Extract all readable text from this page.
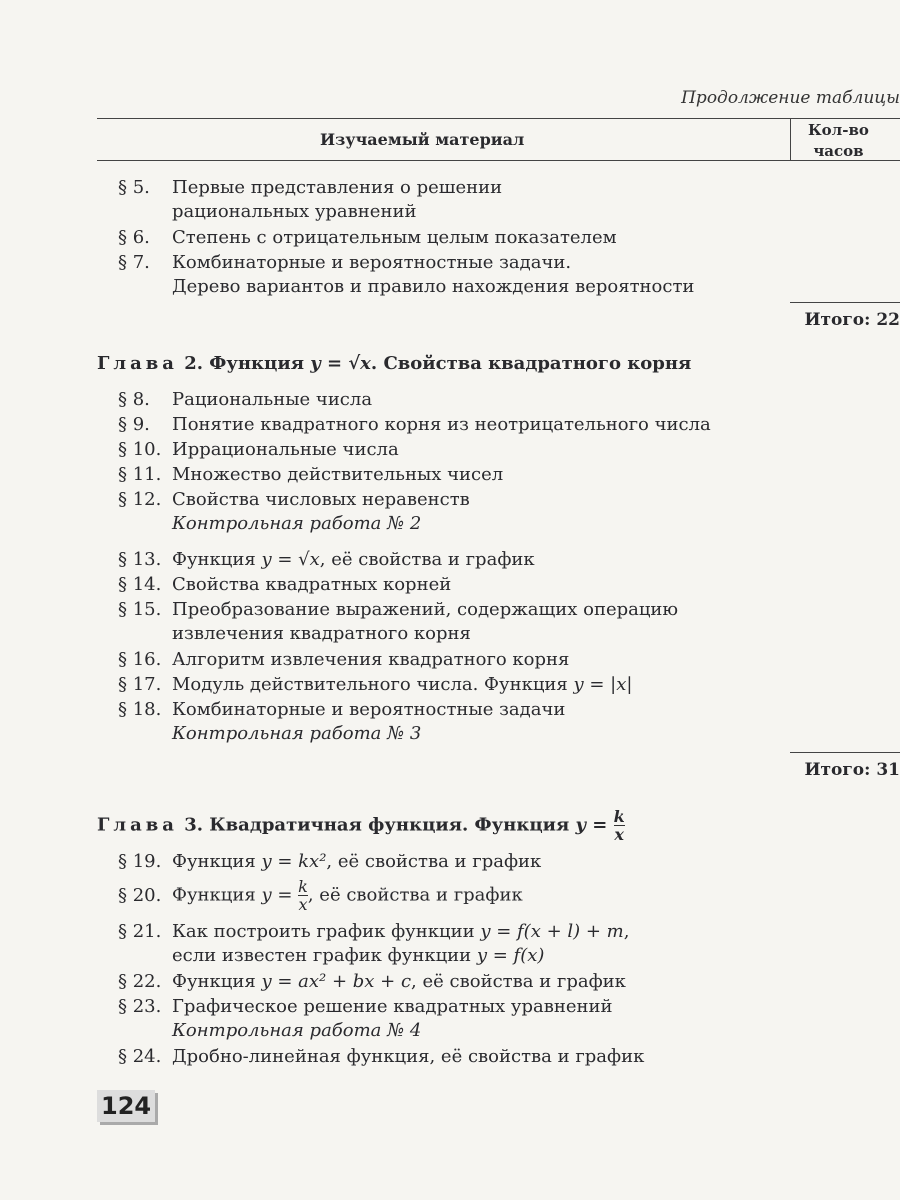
Продолжение таблицы
Изучаемый материал	Кол-во
часов
§ 5. Первые представления о решении
рациональных уравнений
§ 6. Степень с отрицательным целым показателем
§ 7. Комбинаторные и вероятностные задачи.
Дерево вариантов и правило нахождения вероятности
Итого: 22
Глава 2. Функция y = √x. Свойства квадратного корня
§ 8. Рациональные числа
§ 9. Понятие квадратного корня из неотрицательного числа
§ 10. Иррациональные числа
§ 11. Множество действительных чисел
§ 12. Свойства числовых неравенств
Контрольная работа № 2
§ 13. Функция y = √x, её свойства и график
§ 14. Свойства квадратных корней
§ 15. Преобразование выражений, содержащих операцию
извлечения квадратного корня
§ 16. Алгоритм извлечения квадратного корня
§ 17. Модуль действительного числа. Функция y = |x|
§ 18. Комбинаторные и вероятностные задачи
Контрольная работа № 3
Итого: 31
Глава 3. Квадратичная функция. Функция $y = \frac{k}{x}$
§ 19. Функция y = kx², её свойства и график
§ 20. Функция $y = \frac{k}{x}$ , её свойства и график
§ 21. Как построить график функции y = f(x + l) + m,
если известен график функции y = f(x)
§ 22. Функция y = ax² + bx + c, её свойства и график
§ 23. Графическое решение квадратных уравнений
Контрольная работа № 4
§ 24. Дробно-линейная функция, её свойства и график
124
